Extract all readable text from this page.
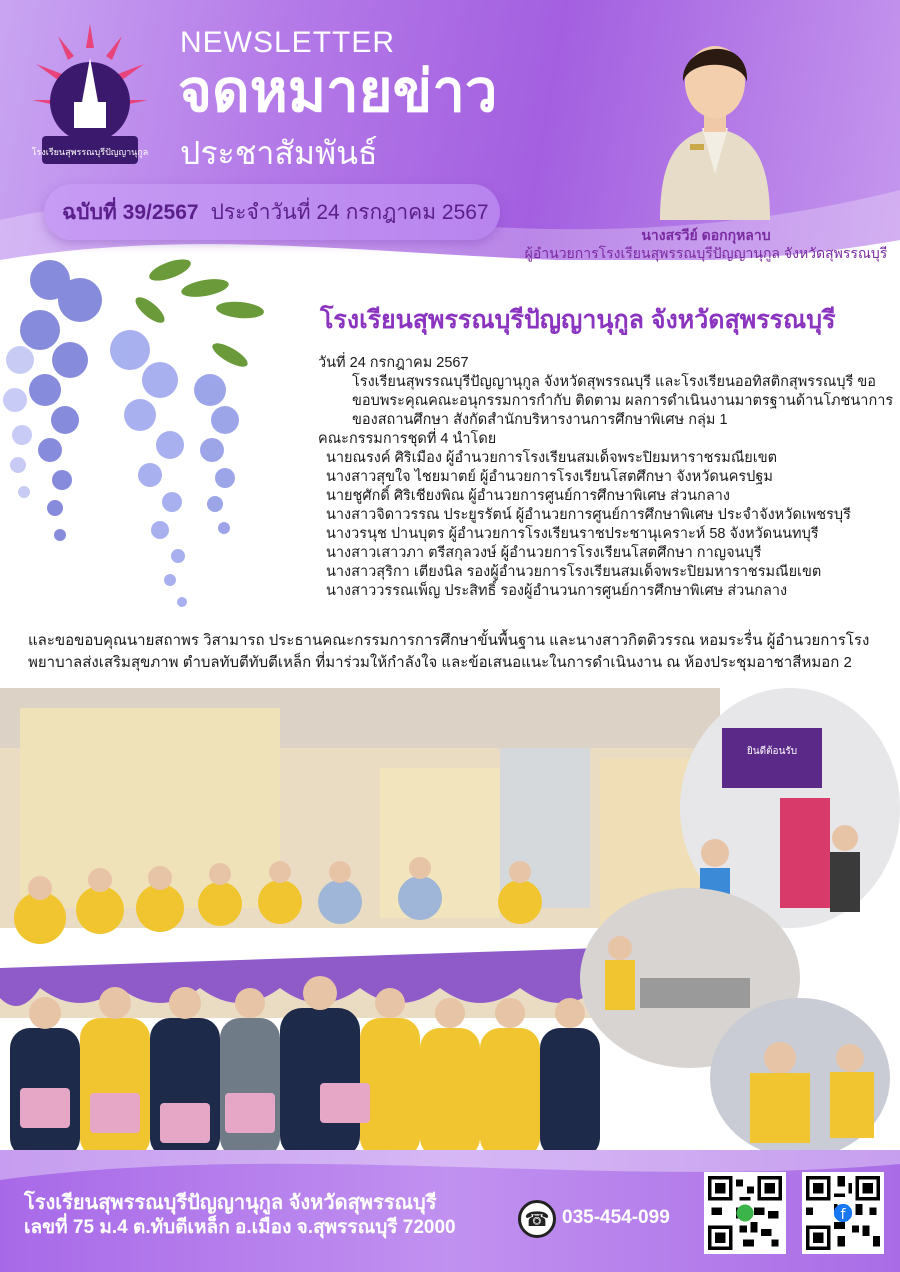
โรงเรียนสุพรรณบุรีปัญญานุกูล
NEWSLETTER
จดหมายข่าว
ประชาสัมพันธ์
ฉบับที่ 39/2567 ประจำวันที่ 24 กรกฎาคม 2567
นางสรวีย์ ดอกกุหลาบ
ผู้อำนวยการโรงเรียนสุพรรณบุรีปัญญานุกูล จังหวัดสุพรรณบุรี
โรงเรียนสุพรรณบุรีปัญญานุกูล จังหวัดสุพรรณบุรี

วันที่ 24 กรกฎาคม 2567

โรงเรียนสุพรรณบุรีปัญญานุกูล จังหวัดสุพรรณบุรี และโรงเรียนออทิสติกสุพรรณบุรี ขอขอบพระคุณคณะอนุกรรมการกำกับ ติดตาม ผลการดำเนินงานมาตรฐานด้านโภชนาการของสถานศึกษา สังกัดสำนักบริหารงานการศึกษาพิเศษ กลุ่ม 1

คณะกรรมการชุดที่ 4 นำโดย

นายณรงค์ ศิริเมือง ผู้อำนวยการโรงเรียนสมเด็จพระปิยมหาราชรมณียเขต

นางสาวสุขใจ ไชยมาตย์ ผู้อำนวยการโรงเรียนโสตศึกษา จังหวัดนครปฐม

นายชูศักดิ์ ศิริเชียงพิณ ผู้อำนวยการศูนย์การศึกษาพิเศษ ส่วนกลาง

นางสาวจิดาวรรณ ประยูรรัตน์ ผู้อำนวยการศูนย์การศึกษาพิเศษ ประจำจังหวัดเพชรบุรี

นางวรนุช ปานบุตร ผู้อำนวยการโรงเรียนราชประชานุเคราะห์ 58 จังหวัดนนทบุรี

นางสาวเสาวภา ตรีสกุลวงษ์ ผู้อำนวยการโรงเรียนโสตศึกษา กาญจนบุรี

นางสาวสุริกา เตียงนิล รองผู้อำนวยการโรงเรียนสมเด็จพระปิยมหาราชรมณียเขต

นางสาววรรณเพ็ญ ประสิทธิ์ รองผู้อำนวนการศูนย์การศึกษาพิเศษ ส่วนกลาง

และขอขอบคุณนายสถาพร วิสามารถ ประธานคณะกรรมการการศึกษาขั้นพื้นฐาน และนางสาวกิตติวรรณ หอมระรื่น ผู้อำนวยการโรงพยาบาลส่งเสริมสุขภาพ ตำบลทับตีทับตีเหล็ก ที่มาร่วมให้กำลังใจ และข้อเสนอแนะในการดำเนินงาน ณ ห้องประชุมอาชาสีหมอก 2
ยินดีต้อนรับ
โรงเรียนสุพรรณบุรีปัญญานุกูล จังหวัดสุพรรณบุรี
เลขที่ 75 ม.4 ต.ทับตีเหล็ก อ.เมือง จ.สุพรรณบุรี 72000	☎ 035-454-099	f
